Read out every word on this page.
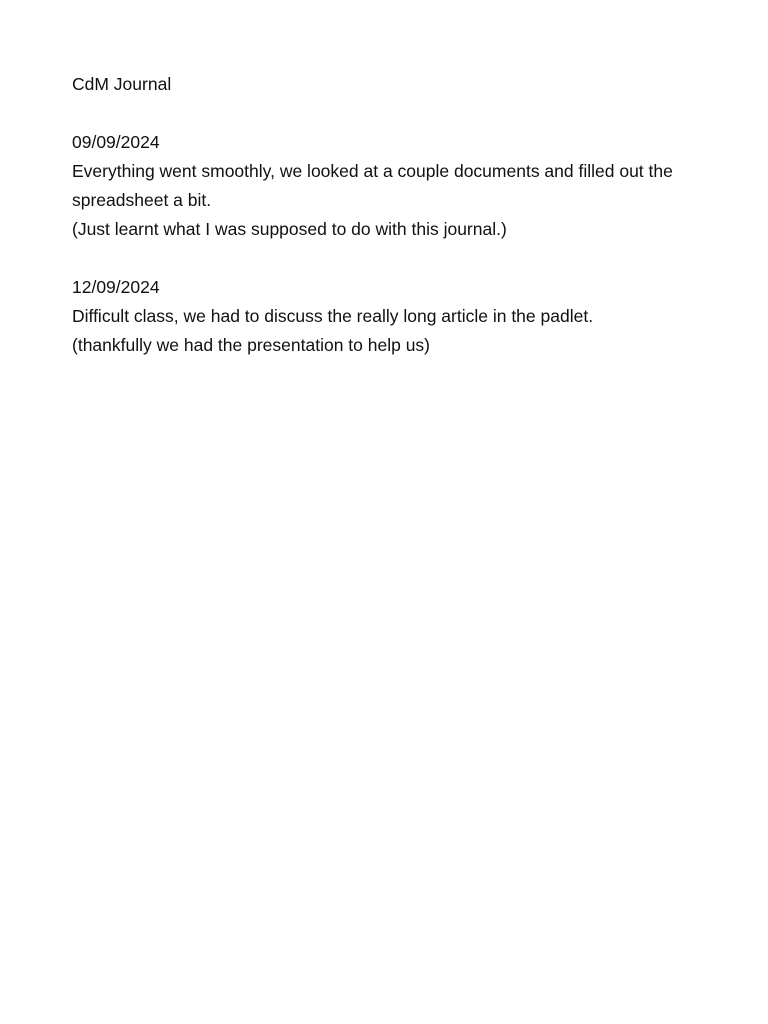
CdM Journal
09/09/2024
Everything went smoothly, we looked at a couple documents and filled out the spreadsheet a bit.
(Just learnt what I was supposed to do with this journal.)
12/09/2024
Difficult class, we had to discuss the really long article in the padlet.
(thankfully we had the presentation to help us)
